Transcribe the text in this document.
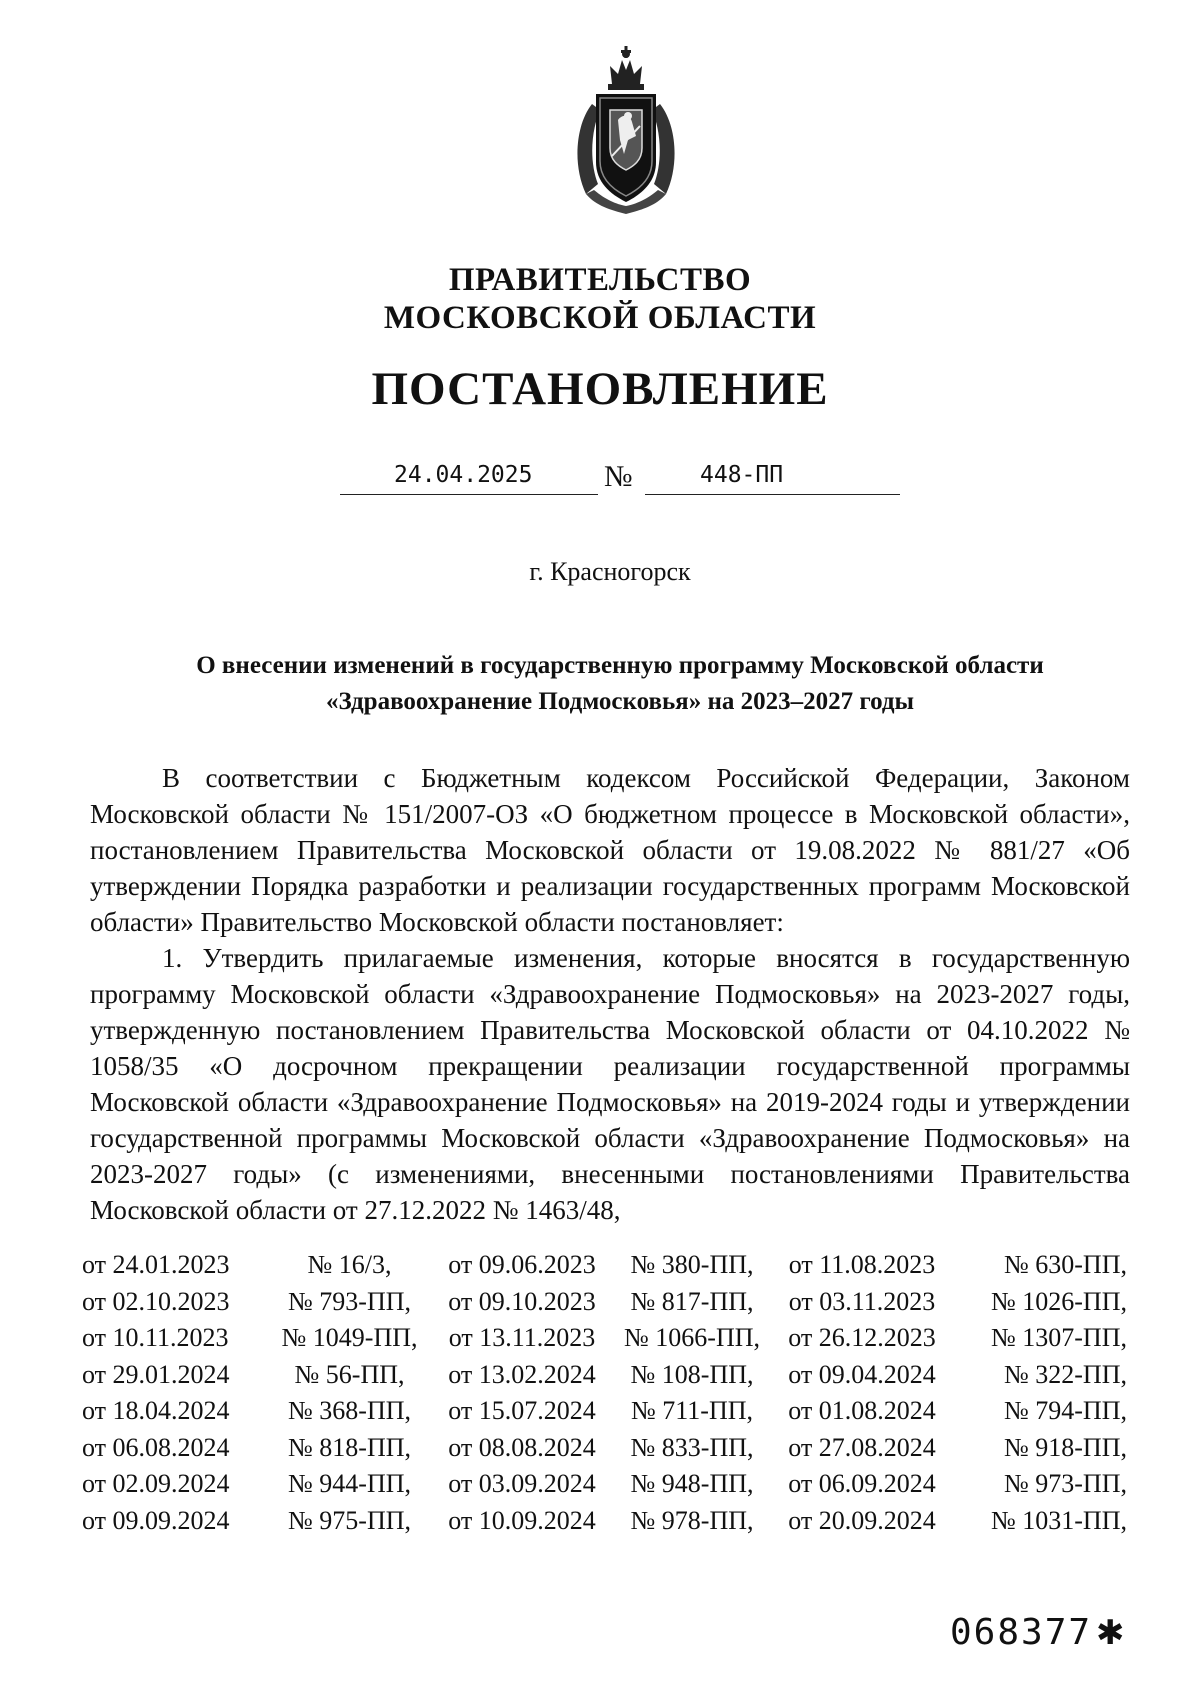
ПРАВИТЕЛЬСТВО
МОСКОВСКОЙ ОБЛАСТИ
ПОСТАНОВЛЕНИЕ
24.04.2025 №	448-ПП
г. Красногорск
О внесении изменений в государственную программу Московской области
«Здравоохранение Подмосковья» на 2023–2027 годы

В соответствии с Бюджетным кодексом Российской Федерации, Законом Московской области № 151/2007-ОЗ «О бюджетном процессе в Московской области», постановлением Правительства Московской области от 19.08.2022 № 881/27 «Об утверждении Порядка разработки и реализации государственных программ Московской области» Правительство Московской области постановляет:

1. Утвердить прилагаемые изменения, которые вносятся в государственную программу Московской области «Здравоохранение Подмосковья» на 2023-2027 годы, утвержденную постановлением Правительства Московской области от 04.10.2022 № 1058/35 «О досрочном прекращении реализации государственной программы Московской области «Здравоохранение Подмосковья» на 2019-2024 годы и утверждении государственной программы Московской области «Здравоохранение Подмосковья» на 2023-2027 годы» (с изменениями, внесенными постановлениями Правительства Московской области от 27.12.2022 № 1463/48,

от 24.01.2023	№ 16/3,	от 09.06.2023	№ 380-ПП,	от 11.08.2023	№ 630-ПП,
от 02.10.2023	№ 793-ПП,	от 09.10.2023	№ 817-ПП,	от 03.11.2023	№ 1026-ПП,
от 10.11.2023	№ 1049-ПП,	от 13.11.2023	№ 1066-ПП,	от 26.12.2023	№ 1307-ПП,
от 29.01.2024	№ 56-ПП,	от 13.02.2024	№ 108-ПП,	от 09.04.2024	№ 322-ПП,
от 18.04.2024	№ 368-ПП,	от 15.07.2024	№ 711-ПП,	от 01.08.2024	№ 794-ПП,
от 06.08.2024	№ 818-ПП,	от 08.08.2024	№ 833-ПП,	от 27.08.2024	№ 918-ПП,
от 02.09.2024	№ 944-ПП,	от 03.09.2024	№ 948-ПП,	от 06.09.2024	№ 973-ПП,
от 09.09.2024	№ 975-ПП,	от 10.09.2024	№ 978-ПП,	от 20.09.2024	№ 1031-ПП,
068377 ✱
